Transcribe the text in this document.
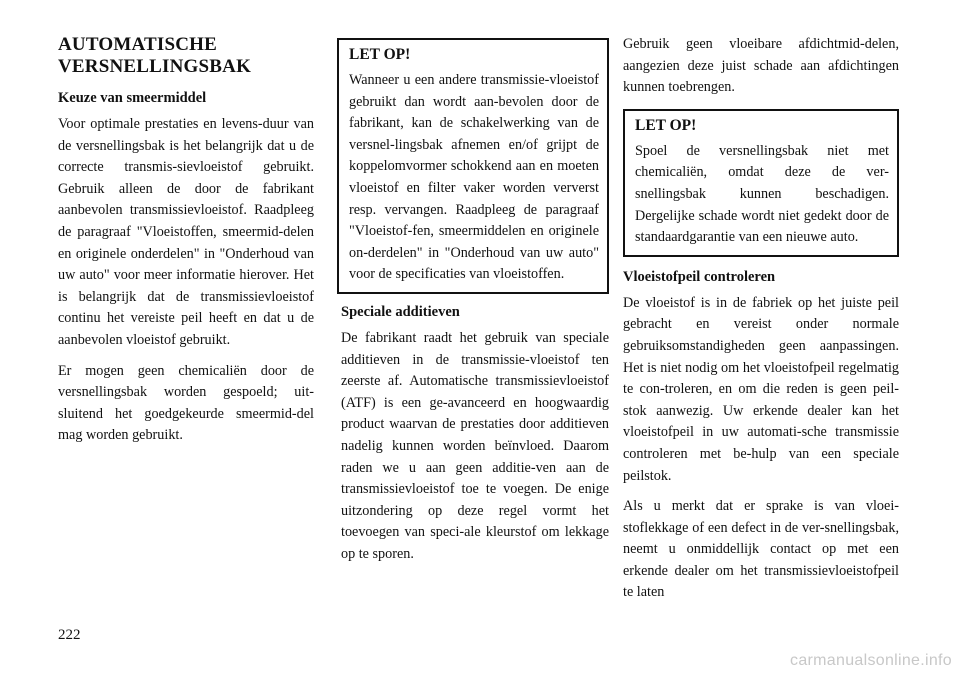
AUTOMATISCHE
VERSNELLINGSBAK
Keuze van smeermiddel

Voor optimale prestaties en levens-duur van de versnellingsbak is het belangrijk dat u de correcte transmis-sievloeistof gebruikt. Gebruik alleen de door de fabrikant aanbevolen transmissievloeistof. Raadpleeg de paragraaf "Vloeistoffen, smeermid-delen en originele onderdelen" in "Onderhoud van uw auto" voor meer informatie hierover. Het is belangrijk dat de transmissievloeistof continu het vereiste peil heeft en dat u de aanbevolen vloeistof gebruikt.

Er mogen geen chemicaliën door de versnellingsbak worden gespoeld; uit-sluitend het goedgekeurde smeermid-del mag worden gebruikt.

LET OP!

Wanneer u een andere transmissie-vloeistof gebruikt dan wordt aan-bevolen door de fabrikant, kan de schakelwerking van de versnel-lingsbak afnemen en/of grijpt de koppelomvormer schokkend aan en moeten vloeistof en filter vaker worden ververst resp. vervangen. Raadpleeg de paragraaf "Vloeistof-fen, smeermiddelen en originele on-derdelen" in "Onderhoud van uw auto" voor de specificaties van vloeistoffen.

Speciale additieven

De fabrikant raadt het gebruik van speciale additieven in de transmissie-vloeistof ten zeerste af. Automatische transmissievloeistof (ATF) is een ge-avanceerd en hoogwaardig product waarvan de prestaties door additieven nadelig kunnen worden beïnvloed. Daarom raden we u aan geen additie-ven aan de transmissievloeistof toe te voegen. De enige uitzondering op deze regel vormt het toevoegen van speci-ale kleurstof om lekkage op te sporen.

Gebruik geen vloeibare afdichtmid-delen, aangezien deze juist schade aan afdichtingen kunnen toebrengen.

LET OP!

Spoel de versnellingsbak niet met chemicaliën, omdat deze de ver-snellingsbak kunnen beschadigen. Dergelijke schade wordt niet gedekt door de standaardgarantie van een nieuwe auto.

Vloeistofpeil controleren

De vloeistof is in de fabriek op het juiste peil gebracht en vereist onder normale gebruiksomstandigheden geen aanpassingen. Het is niet nodig om het vloeistofpeil regelmatig te con-troleren, en om die reden is geen peil-stok aanwezig. Uw erkende dealer kan het vloeistofpeil in uw automati-sche transmissie controleren met be-hulp van een speciale peilstok.

Als u merkt dat er sprake is van vloei-stoflekkage of een defect in de ver-snellingsbak, neemt u onmiddellijk contact op met een erkende dealer om het transmissievloeistofpeil te laten

222
carmanualsonline.info
